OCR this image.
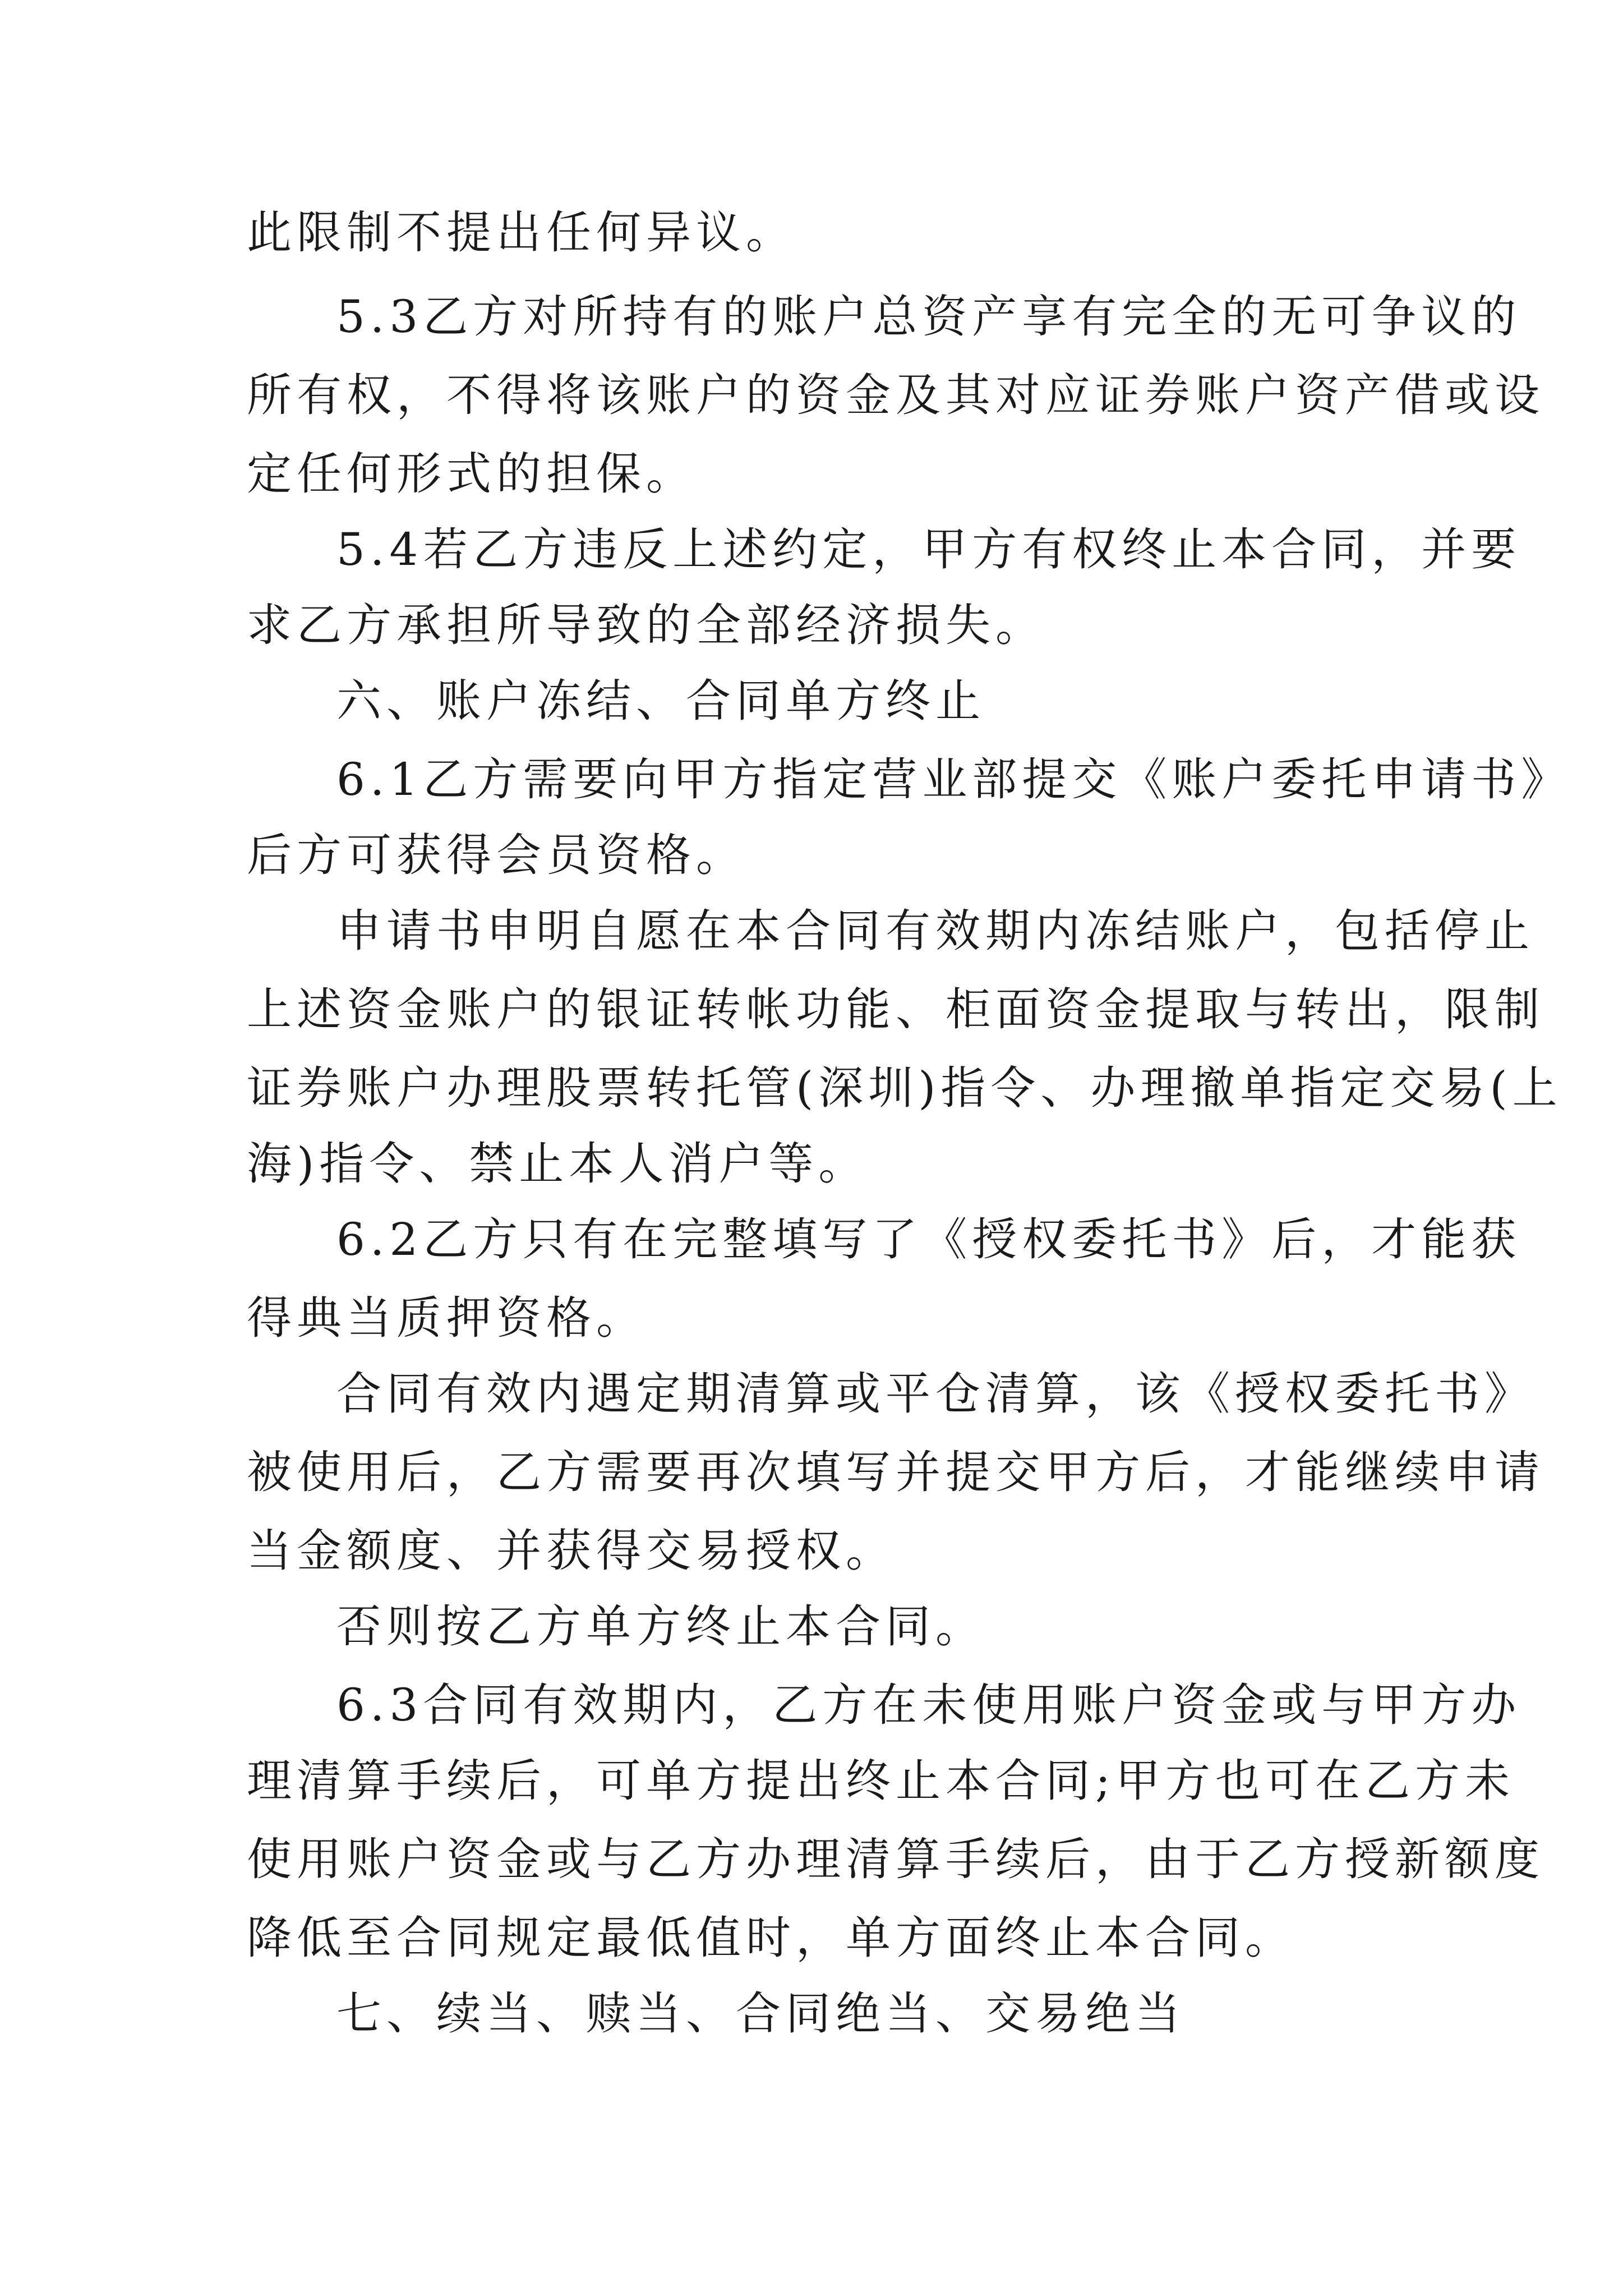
此限制不提出任何异议。
5.3乙方对所持有的账户总资产享有完全的无可争议的
所有权，不得将该账户的资金及其对应证券账户资产借或设
定任何形式的担保。
5.4若乙方违反上述约定，甲方有权终止本合同，并要
求乙方承担所导致的全部经济损失。
六、账户冻结、合同单方终止
6.1乙方需要向甲方指定营业部提交《账户委托申请书》
后方可获得会员资格。
申请书申明自愿在本合同有效期内冻结账户，包括停止
上述资金账户的银证转帐功能、柜面资金提取与转出，限制
证券账户办理股票转托管(深圳)指令、办理撤单指定交易(上
海)指令、禁止本人消户等。
6.2乙方只有在完整填写了《授权委托书》后，才能获
得典当质押资格。
合同有效内遇定期清算或平仓清算，该《授权委托书》
被使用后，乙方需要再次填写并提交甲方后，才能继续申请
当金额度、并获得交易授权。
否则按乙方单方终止本合同。
6.3合同有效期内，乙方在未使用账户资金或与甲方办
理清算手续后，可单方提出终止本合同;甲方也可在乙方未
使用账户资金或与乙方办理清算手续后，由于乙方授新额度
降低至合同规定最低值时，单方面终止本合同。
七、续当、赎当、合同绝当、交易绝当
